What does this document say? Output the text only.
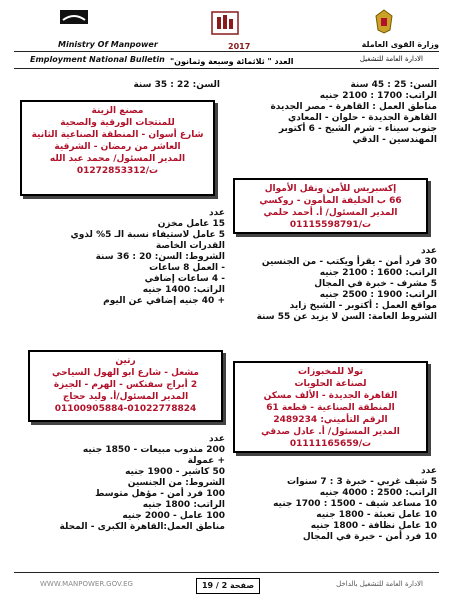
Ministry Of Manpower
Employment National Bulletin
2017
العدد " ثلاثمائة وسبعة وثمانون"
وزارة القوى العاملة
الادارة العامة للتشغيل
السن: 25 : 45 سنة
الراتب: 1700 : 2100 جنيه
مناطق العمل : القاهرة - مصر الجديدة
القاهرة الجديدة - حلوان - المعادي
جنوب سيناء - شرم الشيخ - 6 أكتوبر
المهندسين - الدقي
إكسبريس للأمن ونقل الأموال
66 ب الخليفة المأمون - روكسي
المدير المسئول/ أ. أحمد حلمي
ت/01115598791
عدد
30 فرد أمن - يقرأ ويكتب - من الجنسين
الراتب: 1600 : 2100 جنيه
5 مشرف - خبرة في المجال
الراتب: 1900 : 2500 جنيه
مواقع العمل : أكتوبر - الشيخ زايد
الشروط العامة: السن لا يزيد عن 55 سنة
تولا للمخبوزات
لصناعة الحلويات
القاهرة الجديدة - الألف مسكن
المنطقة الصناعية - قطعة 61
الرقم التأميني: 2489234
المدير المسئول/ أ. عادل صدقي
ت/01111165659
عدد
5 شيف غربي - خبرة 3 : 7 سنوات
الراتب: 2500 : 4000 جنيه
10 مساعد شيف - 1500 : 1700 جنيه
10 عامل تعبئة - 1800 جنيه
10 عامل نظافة - 1800 جنيه
10 فرد أمن - خبرة في المجال
السن: 22 : 35 سنة
مصنع الزينة
للمنتجات الورقية والصحية
شارع أسوان - المنطقة الصناعية الثانية
العاشر من رمضان - الشرقية
المدير المسئول/ محمد عبد الله
ت/01272853312
عدد
15 عامل مخزن
5 عامل لاستيفاء نسبة الـ 5% لذوي
القدرات الخاصة
الشروط: السن: 20 : 36 سنة
- العمل 8 ساعات
- 4 ساعات إضافي
الراتب: 1400 جنيه
+ 40 جنيه إضافي عن اليوم
رتين
مشعل - شارع ابو الهول السياحي
2 أبراج سفنكس - الهرم - الجيزة
المدير المسئول/أ. وليد حجاج
01100905884-01022778824
عدد
200 مندوب مبيعات - 1850 جنيه
+ عمولة
50 كاشير - 1900 جنيه
الشروط: من الجنسين
100 فرد أمن - مؤهل متوسط
الراتب: 1800 جنيه
100 عامل - 2000 جنيه
مناطق العمل:القاهرة الكبرى - المحلة
WWW.MANPOWER.GOV.EG	صفحة 2 / 19	الادارة العامة للتشغيل بالداخل
